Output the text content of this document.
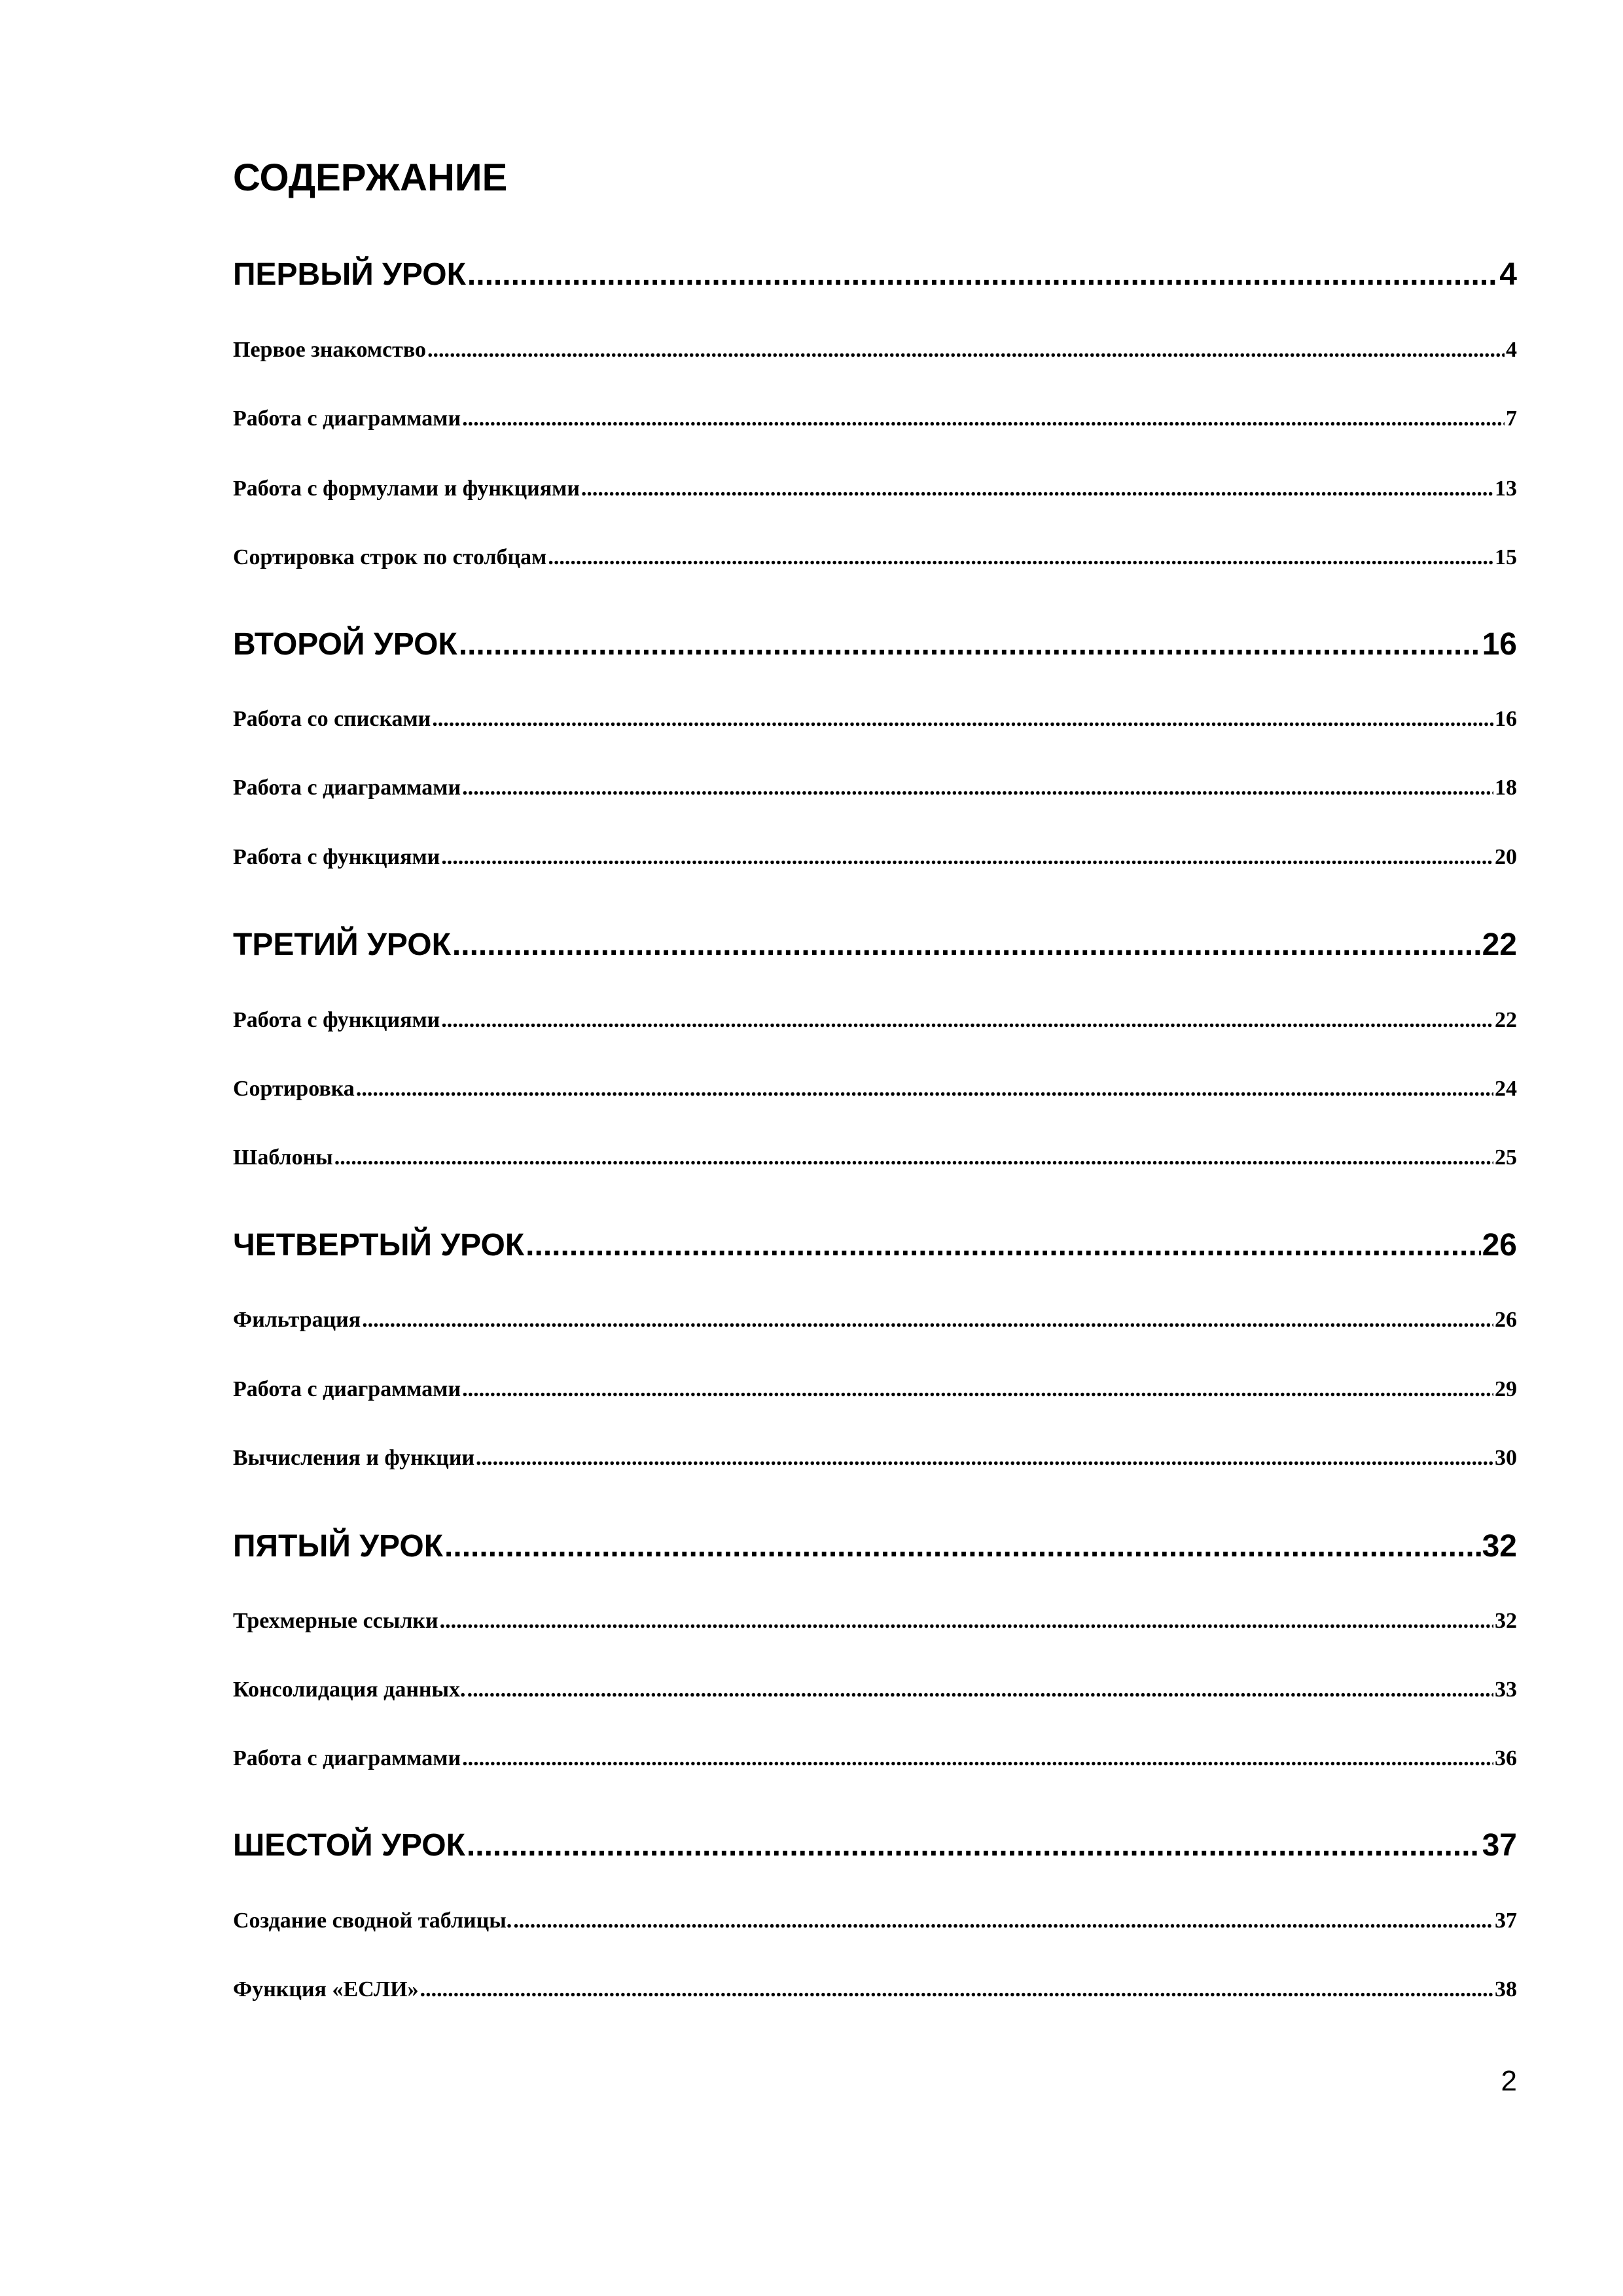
СОДЕРЖАНИЕ
ПЕРВЫЙ УРОК .....	4
Первое знакомство .....	4
Работа с диаграммами .....	7
Работа с формулами и функциями .....	13
Сортировка строк по столбцам .....	15
ВТОРОЙ УРОК .....	16
Работа со списками .....	16
Работа с диаграммами .....	18
Работа с функциями .....	20
ТРЕТИЙ УРОК .....	22
Работа с функциями .....	22
Сортировка .....	24
Шаблоны .....	25
ЧЕТВЕРТЫЙ УРОК .....	26
Фильтрация .....	26
Работа с диаграммами .....	29
Вычисления и функции .....	30
ПЯТЫЙ УРОК .....	32
Трехмерные ссылки .....	32
Консолидация данных. .....	33
Работа с диаграммами .....	36
ШЕСТОЙ УРОК .....	37
Создание сводной таблицы. .....	37
Функция «ЕСЛИ» .....	38
2
